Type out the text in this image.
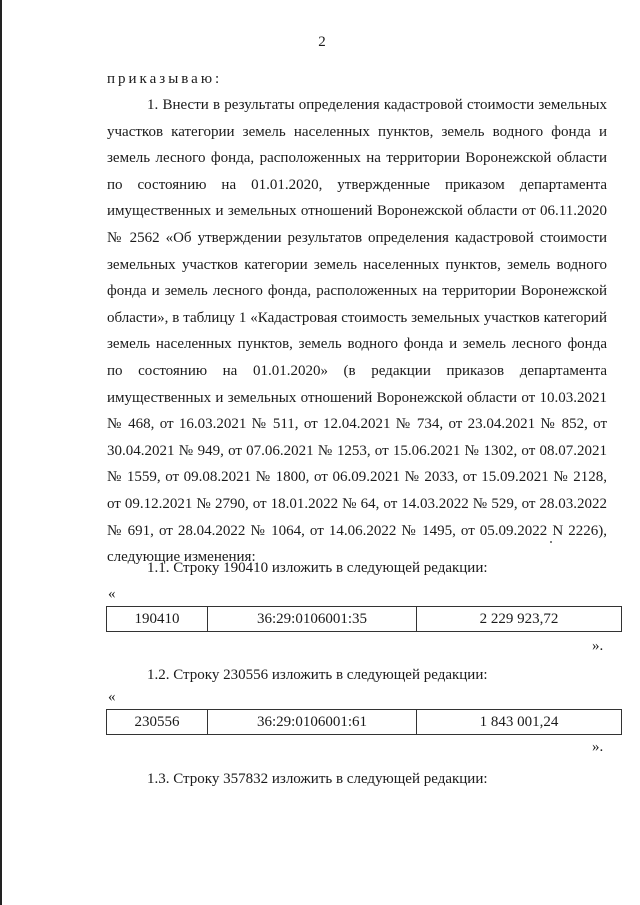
2
приказываю:
1. Внести в результаты определения кадастровой стоимости земельных участков категории земель населенных пунктов, земель водного фонда и земель лесного фонда, расположенных на территории Воронежской области по состоянию на 01.01.2020, утвержденные приказом департамента имущественных и земельных отношений Воронежской области от 06.11.2020 № 2562 «Об утверждении результатов определения кадастровой стоимости земельных участков категории земель населенных пунктов, земель водного фонда и земель лесного фонда, расположенных на территории Воронежской области», в таблицу 1 «Кадастровая стоимость земельных участков категорий земель населенных пунктов, земель водного фонда и земель лесного фонда по состоянию на 01.01.2020» (в редакции приказов департамента имущественных и земельных отношений Воронежской области от 10.03.2021 № 468, от 16.03.2021 № 511, от 12.04.2021 № 734, от 23.04.2021 № 852, от 30.04.2021 № 949, от 07.06.2021 № 1253, от 15.06.2021 № 1302, от 08.07.2021 № 1559, от 09.08.2021 № 1800, от 06.09.2021 № 2033, от 15.09.2021 № 2128, от 09.12.2021 № 2790, от 18.01.2022 № 64, от 14.03.2022 № 529, от 28.03.2022 № 691, от 28.04.2022 № 1064, от 14.06.2022 № 1495, от 05.09.2022 N 2226), следующие изменения:
1.1. Строку 190410 изложить в следующей редакции:
«
190410	36:29:0106001:35	2 229 923,72
».
1.2. Строку 230556 изложить в следующей редакции:
«
230556	36:29:0106001:61	1 843 001,24
».
1.3. Строку 357832 изложить в следующей редакции:
